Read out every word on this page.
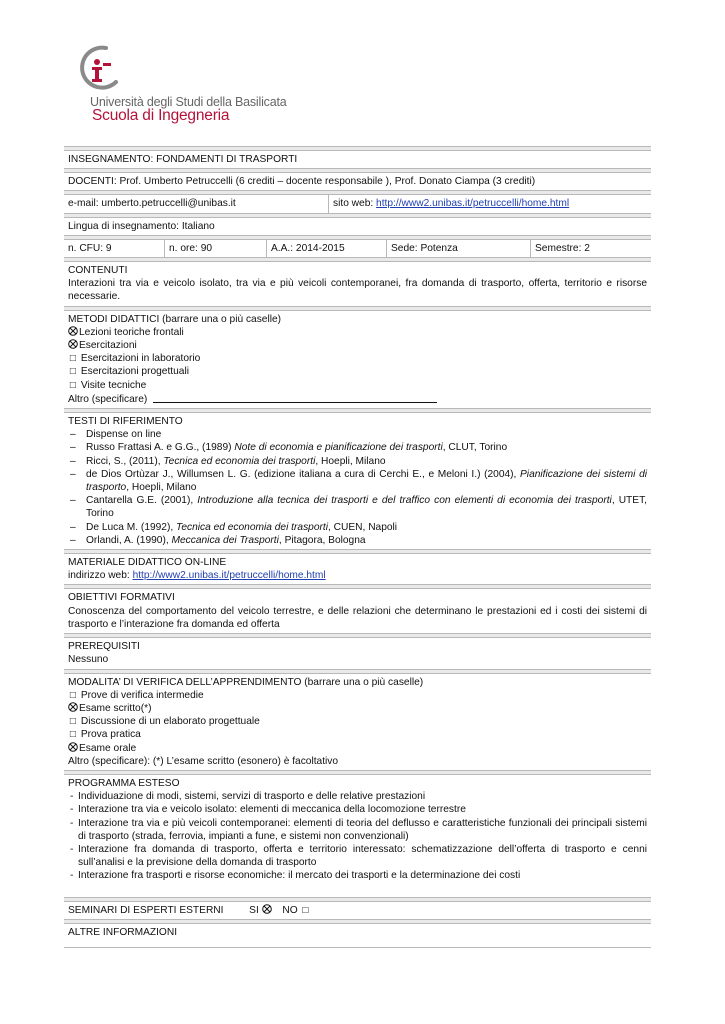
Università degli Studi della Basilicata
Scuola di Ingegneria
INSEGNAMENTO: FONDAMENTI DI TRASPORTI
DOCENTI: Prof. Umberto Petruccelli (6 crediti – docente responsabile ), Prof. Donato Ciampa (3 crediti)
e-mail: umberto.petruccelli@unibas.it	sito web: http://www2.unibas.it/petruccelli/home.html
Lingua di insegnamento: Italiano
n. CFU: 9	n. ore: 90	A.A.: 2014-2015	Sede: Potenza	Semestre: 2
CONTENUTI
Interazioni tra via e veicolo isolato, tra via e più veicoli contemporanei, fra domanda di trasporto, offerta, territorio e risorse necessarie.
METODI DIDATTICI (barrare una o più caselle)
Lezioni teoriche frontali
Esercitazioni
□ Esercitazioni in laboratorio
□ Esercitazioni progettuali
□ Visite tecniche
Altro (specificare)
TESTI DI RIFERIMENTO
– Dispense on line
– Russo Frattasi A. e G.G., (1989) Note di economia e pianificazione dei trasporti, CLUT, Torino
– Ricci, S., (2011), Tecnica ed economia dei trasporti, Hoepli, Milano
– de Dios Ortùzar J., Willumsen L. G. (edizione italiana a cura di Cerchi E., e Meloni I.) (2004), Pianificazione dei sistemi di trasporto, Hoepli, Milano
– Cantarella G.E. (2001), Introduzione alla tecnica dei trasporti e del traffico con elementi di economia dei trasporti, UTET, Torino
– De Luca M. (1992), Tecnica ed economia dei trasporti, CUEN, Napoli
– Orlandi, A. (1990), Meccanica dei Trasporti, Pitagora, Bologna
MATERIALE DIDATTICO ON-LINE
indirizzo web: http://www2.unibas.it/petruccelli/home.html
OBIETTIVI FORMATIVI
Conoscenza del comportamento del veicolo terrestre, e delle relazioni che determinano le prestazioni ed i costi dei sistemi di trasporto e l’interazione fra domanda ed offerta
PREREQUISITI
Nessuno
MODALITA’ DI VERIFICA DELL’APPRENDIMENTO (barrare una o più caselle)
□ Prove di verifica intermedie
Esame scritto(*)
□ Discussione di un elaborato progettuale
□ Prova pratica
Esame orale
Altro (specificare): (*) L’esame scritto (esonero) è facoltativo
PROGRAMMA ESTESO
- Individuazione di modi, sistemi, servizi di trasporto e delle relative prestazioni
- Interazione tra via e veicolo isolato: elementi di meccanica della locomozione terrestre
- Interazione tra via e più veicoli contemporanei: elementi di teoria del deflusso e caratteristiche funzionali dei principali sistemi di trasporto (strada, ferrovia, impianti a fune, e sistemi non convenzionali)
- Interazione fra domanda di trasporto, offerta e territorio interessato: schematizzazione dell’offerta di trasporto e cenni sull’analisi e la previsione della domanda di trasporto
- Interazione fra trasporti e risorse economiche: il mercato dei trasporti e la determinazione dei costi
SEMINARI DI ESPERTI ESTERNI	SI NO □
ALTRE INFORMAZIONI
